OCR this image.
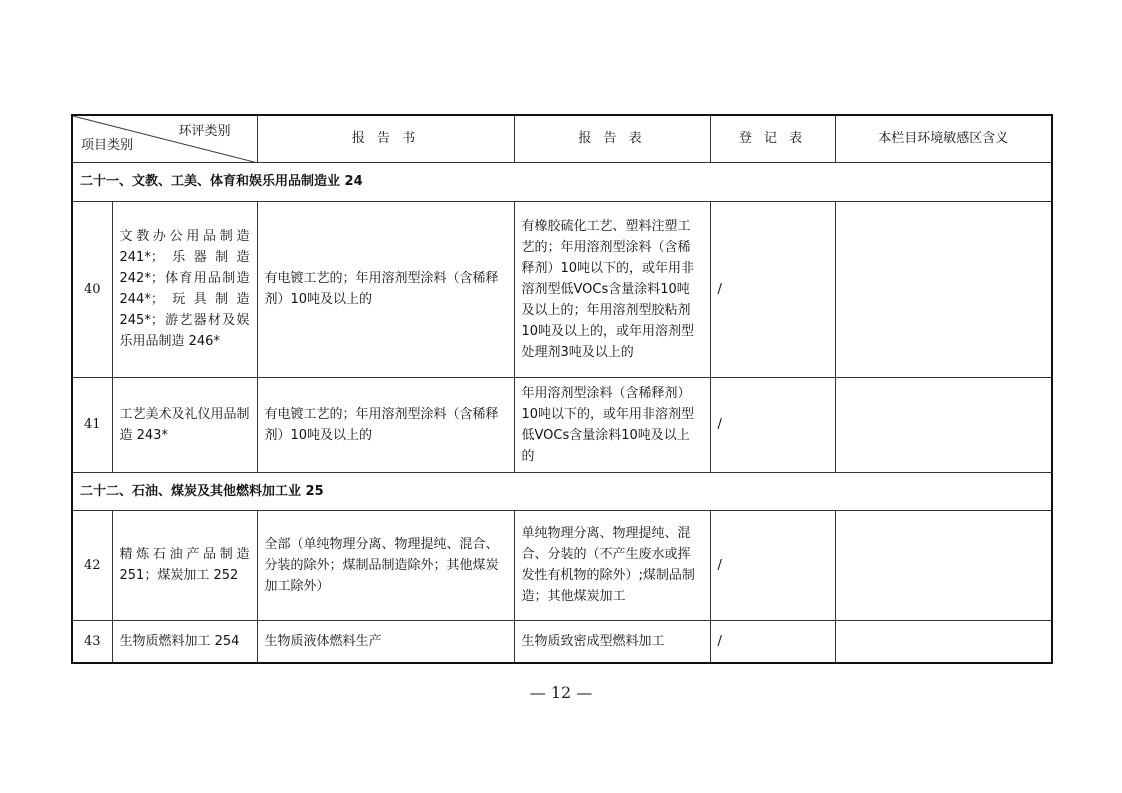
环评类别
项目类别		报 告 书	报 告 表	登 记 表	本栏目环境敏感区含义
二十一、文教、工美、体育和娱乐用品制造业 24					
40	文教办公用品制造241*；乐器制造242*；体育用品制造244*；玩具制造245*；游艺器材及娱乐用品制造 246*	有电镀工艺的；年用溶剂型涂料（含稀释剂）10吨及以上的	有橡胶硫化工艺、塑料注塑工艺的；年用溶剂型涂料（含稀释剂）10吨以下的，或年用非溶剂型低VOCs含量涂料10吨及以上的；年用溶剂型胶粘剂10吨及以上的，或年用溶剂型处理剂3吨及以上的	/	
41	工艺美术及礼仪用品制造 243*	有电镀工艺的；年用溶剂型涂料（含稀释剂）10吨及以上的	年用溶剂型涂料（含稀释剂）10吨以下的，或年用非溶剂型低VOCs含量涂料10吨及以上的	/	
二十二、石油、煤炭及其他燃料加工业 25					
42	精炼石油产品制造251；煤炭加工 252	全部（单纯物理分离、物理提纯、混合、分装的除外；煤制品制造除外；其他煤炭加工除外）	单纯物理分离、物理提纯、混合、分装的（不产生废水或挥发性有机物的除外）;煤制品制造；其他煤炭加工	/	
43	生物质燃料加工 254	生物质液体燃料生产	生物质致密成型燃料加工	/	
— 12 —
